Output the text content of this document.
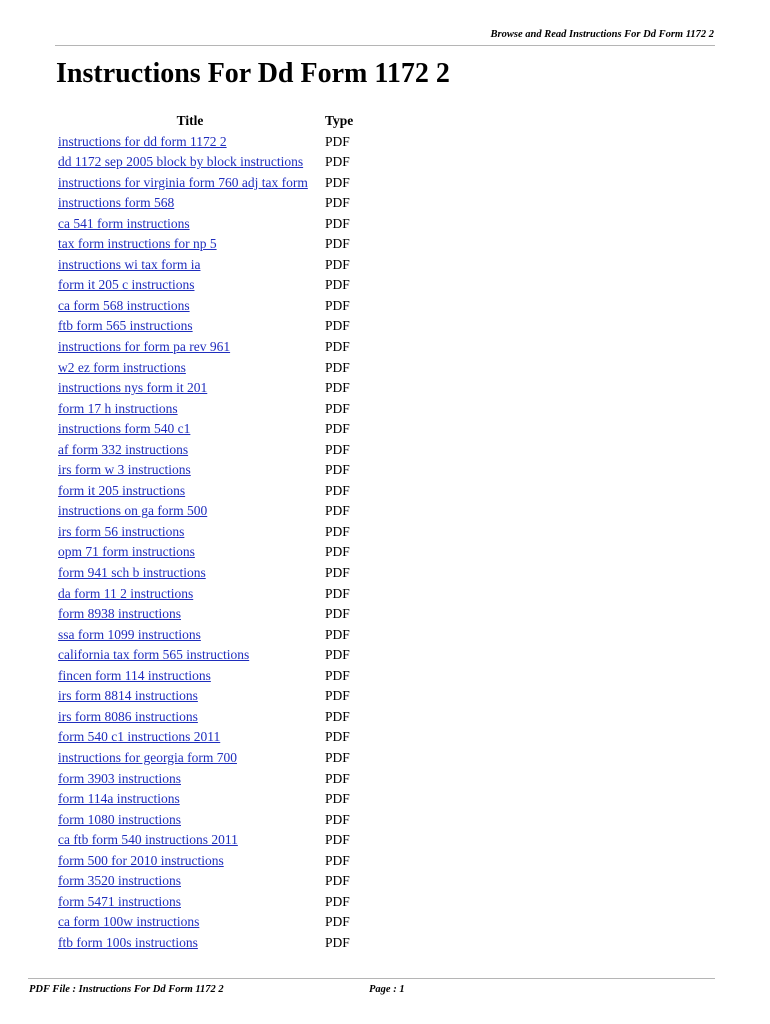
Browse and Read Instructions For Dd Form 1172 2
Instructions For Dd Form 1172 2
Title	Type
instructions for dd form 1172 2	PDF
dd 1172 sep 2005 block by block instructions	PDF
instructions for virginia form 760 adj tax form	PDF
instructions form 568	PDF
ca 541 form instructions	PDF
tax form instructions for np 5	PDF
instructions wi tax form ia	PDF
form it 205 c instructions	PDF
ca form 568 instructions	PDF
ftb form 565 instructions	PDF
instructions for form pa rev 961	PDF
w2 ez form instructions	PDF
instructions nys form it 201	PDF
form 17 h instructions	PDF
instructions form 540 c1	PDF
af form 332 instructions	PDF
irs form w 3 instructions	PDF
form it 205 instructions	PDF
instructions on ga form 500	PDF
irs form 56 instructions	PDF
opm 71 form instructions	PDF
form 941 sch b instructions	PDF
da form 11 2 instructions	PDF
form 8938 instructions	PDF
ssa form 1099 instructions	PDF
california tax form 565 instructions	PDF
fincen form 114 instructions	PDF
irs form 8814 instructions	PDF
irs form 8086 instructions	PDF
form 540 c1 instructions 2011	PDF
instructions for georgia form 700	PDF
form 3903 instructions	PDF
form 114a instructions	PDF
form 1080 instructions	PDF
ca ftb form 540 instructions 2011	PDF
form 500 for 2010 instructions	PDF
form 3520 instructions	PDF
form 5471 instructions	PDF
ca form 100w instructions	PDF
ftb form 100s instructions	PDF
PDF File : Instructions For Dd Form 1172 2	Page : 1
